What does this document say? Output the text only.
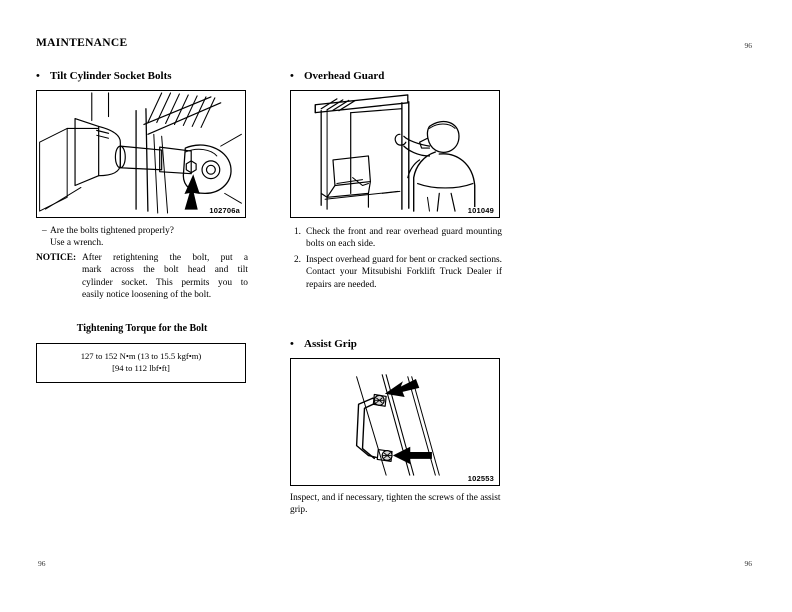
MAINTENANCE	96
96	96
• Tilt Cylinder Socket Bolts
102706a
– Are the bolts tightened properly?
Use a wrench.
NOTICE: After retightening the bolt, put a
mark across the bolt head and tilt
cylinder socket. This permits you to
easily notice loosening of the bolt.
Tightening Torque for the Bolt
127 to 152 N•m (13 to 15.5 kgf•m)
[94 to 112 lbf•ft]
• Overhead Guard
101049
1. Check the front and rear overhead guard mounting bolts on each side.
2. Inspect overhead guard for bent or cracked sections. Contact your Mitsubishi Forklift Truck Dealer if repairs are needed.
• Assist Grip
102553
Inspect, and if necessary, tighten the screws of the assist grip.
